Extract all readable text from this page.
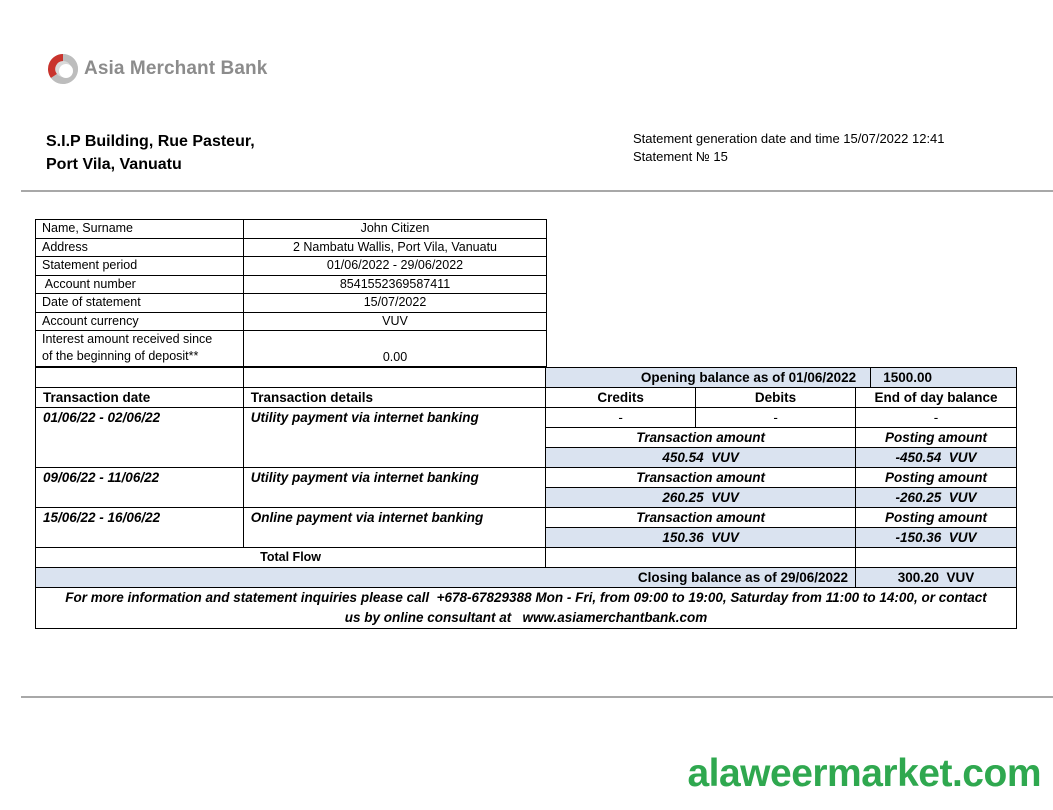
Asia Merchant Bank
S.I.P Building, Rue Pasteur,
Port Vila, Vanuatu
Statement generation date and time 15/07/2022 12:41
Statement № 15
Name, Surname	John Citizen
Address	2 Nambatu Wallis, Port Vila, Vanuatu
Statement period	01/06/2022 - 29/06/2022
Account number	8541552369587411
Date of statement	15/07/2022
Account currency	VUV

Interest amount received since
of the beginning of deposit**	0.00

		Opening balance as of 01/06/2022 1500.00		

Transaction date	Transaction details	Credits	Debits	End of day balance
01/06/22 - 02/06/22	Utility payment via internet banking	-	-	-
		Transaction amount		Posting amount
		450.54  VUV		-450.54  VUV
09/06/22 - 11/06/22	Utility payment via internet banking	Transaction amount		Posting amount
		260.25  VUV		-260.25  VUV
15/06/22 - 16/06/22	Online payment via internet banking	Transaction amount		Posting amount
		150.36  VUV		-150.36  VUV
Total Flow				
Closing balance as of 29/06/2022				300.20  VUV

For more information and statement inquiries please call  +678-67829388 Mon - Fri, from 09:00 to 19:00, Saturday from 11:00 to 14:00, or contact
us by online consultant at   www.asiamerchantbank.com				
alaweermarket.com
